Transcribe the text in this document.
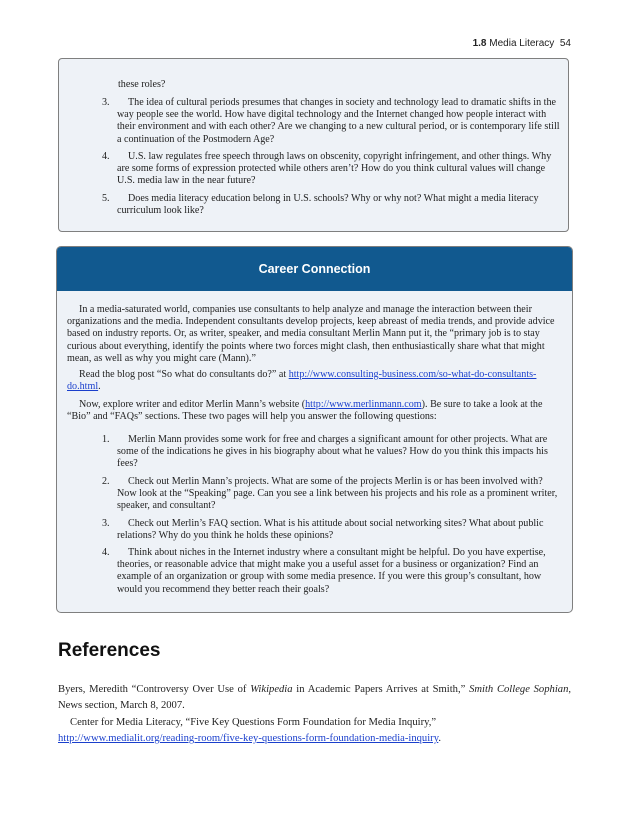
1.8 Media Literacy 54
these roles?
3.	The idea of cultural periods presumes that changes in society and technology lead to dramatic shifts in the way people see the world. How have digital technology and the Internet changed how people interact with their environment and with each other? Are we changing to a new cultural period, or is contemporary life still a continuation of the Postmodern Age?
4.	U.S. law regulates free speech through laws on obscenity, copyright infringement, and other things. Why are some forms of expression protected while others aren’t? How do you think cultural values will change U.S. media law in the near future?
5.	Does media literacy education belong in U.S. schools? Why or why not? What might a media literacy curriculum look like?
Career Connection
In a media-saturated world, companies use consultants to help analyze and manage the interaction between their organizations and the media. Independent consultants develop projects, keep abreast of media trends, and provide advice based on industry reports. Or, as writer, speaker, and media consultant Merlin Mann put it, the “primary job is to stay curious about everything, identify the points where two forces might clash, then enthusiastically share what that might mean, as well as why you might care (Mann).”
Read the blog post “So what do consultants do?” at http://www.consulting-business.com/so-what-do-consultants-do.html.
Now, explore writer and editor Merlin Mann’s website (http://www.merlinmann.com). Be sure to take a look at the “Bio” and “FAQs” sections. These two pages will help you answer the following questions:
1.	Merlin Mann provides some work for free and charges a significant amount for other projects. What are some of the indications he gives in his biography about what he values? How do you think this impacts his fees?
2.	Check out Merlin Mann’s projects. What are some of the projects Merlin is or has been involved with? Now look at the “Speaking” page. Can you see a link between his projects and his role as a prominent writer, speaker, and consultant?
3.	Check out Merlin’s FAQ section. What is his attitude about social networking sites? What about public relations? Why do you think he holds these opinions?
4.	Think about niches in the Internet industry where a consultant might be helpful. Do you have expertise, theories, or reasonable advice that might make you a useful asset for a business or organization? Find an example of an organization or group with some media presence. If you were this group’s consultant, how would you recommend they better reach their goals?
References
Byers, Meredith “Controversy Over Use of Wikipedia in Academic Papers Arrives at Smith,” Smith College Sophian, News section, March 8, 2007.
Center for Media Literacy, “Five Key Questions Form Foundation for Media Inquiry,” http://www.medialit.org/reading-room/five-key-questions-form-foundation-media-inquiry.
